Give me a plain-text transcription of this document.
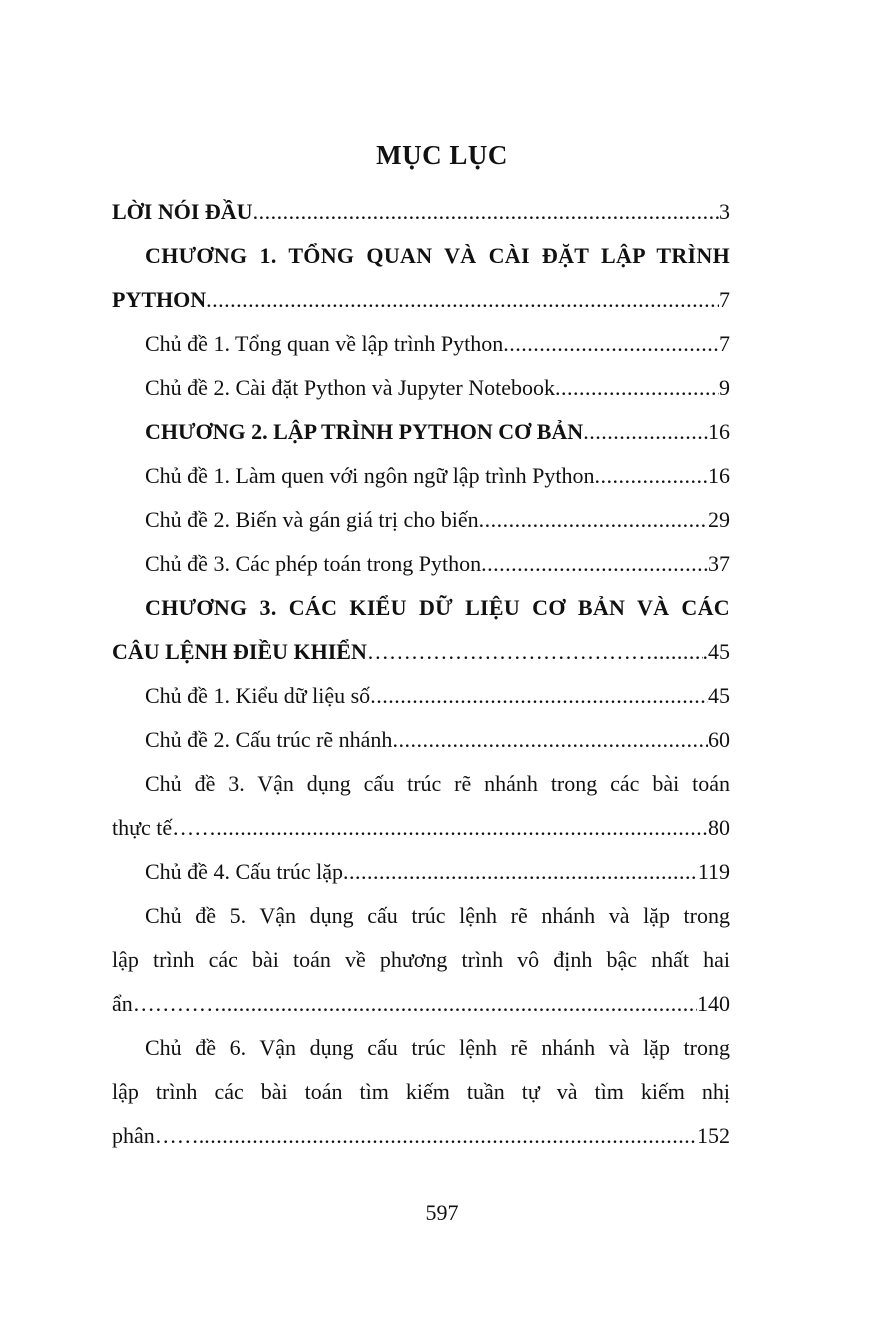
MỤC LỤC
LỜI NÓI ĐẦU .....	3
CHƯƠNG 1. TỔNG QUAN VÀ CÀI ĐẶT LẬP TRÌNH
PYTHON .....	7
Chủ đề 1. Tổng quan về lập trình Python .....	7
Chủ đề 2. Cài đặt Python và Jupyter Notebook .....	9
CHƯƠNG 2. LẬP TRÌNH PYTHON CƠ BẢN .....	16
Chủ đề 1. Làm quen với ngôn ngữ lập trình Python .....	16
Chủ đề 2. Biến và gán giá trị cho biến .....	29
Chủ đề 3. Các phép toán trong Python .....	37
CHƯƠNG 3. CÁC KIỂU DỮ LIỆU CƠ BẢN VÀ CÁC
CÂU LỆNH ĐIỀU KHIỂN ………………………………… ..... .45
Chủ đề 1. Kiểu dữ liệu số .....	45
Chủ đề 2. Cấu trúc rẽ nhánh .....	60
Chủ đề 3. Vận dụng cấu trúc rẽ nhánh trong các bài toán
thực tế…… .....	80
Chủ đề 4. Cấu trúc lặp .....	119
Chủ đề 5. Vận dụng cấu trúc lệnh rẽ nhánh và lặp trong
lập trình các bài toán về phương trình vô định bậc nhất hai
ẩn………… .....	140
Chủ đề 6. Vận dụng cấu trúc lệnh rẽ nhánh và lặp trong
lập trình các bài toán tìm kiếm tuần tự và tìm kiếm nhị
phân……. .....	152
597
